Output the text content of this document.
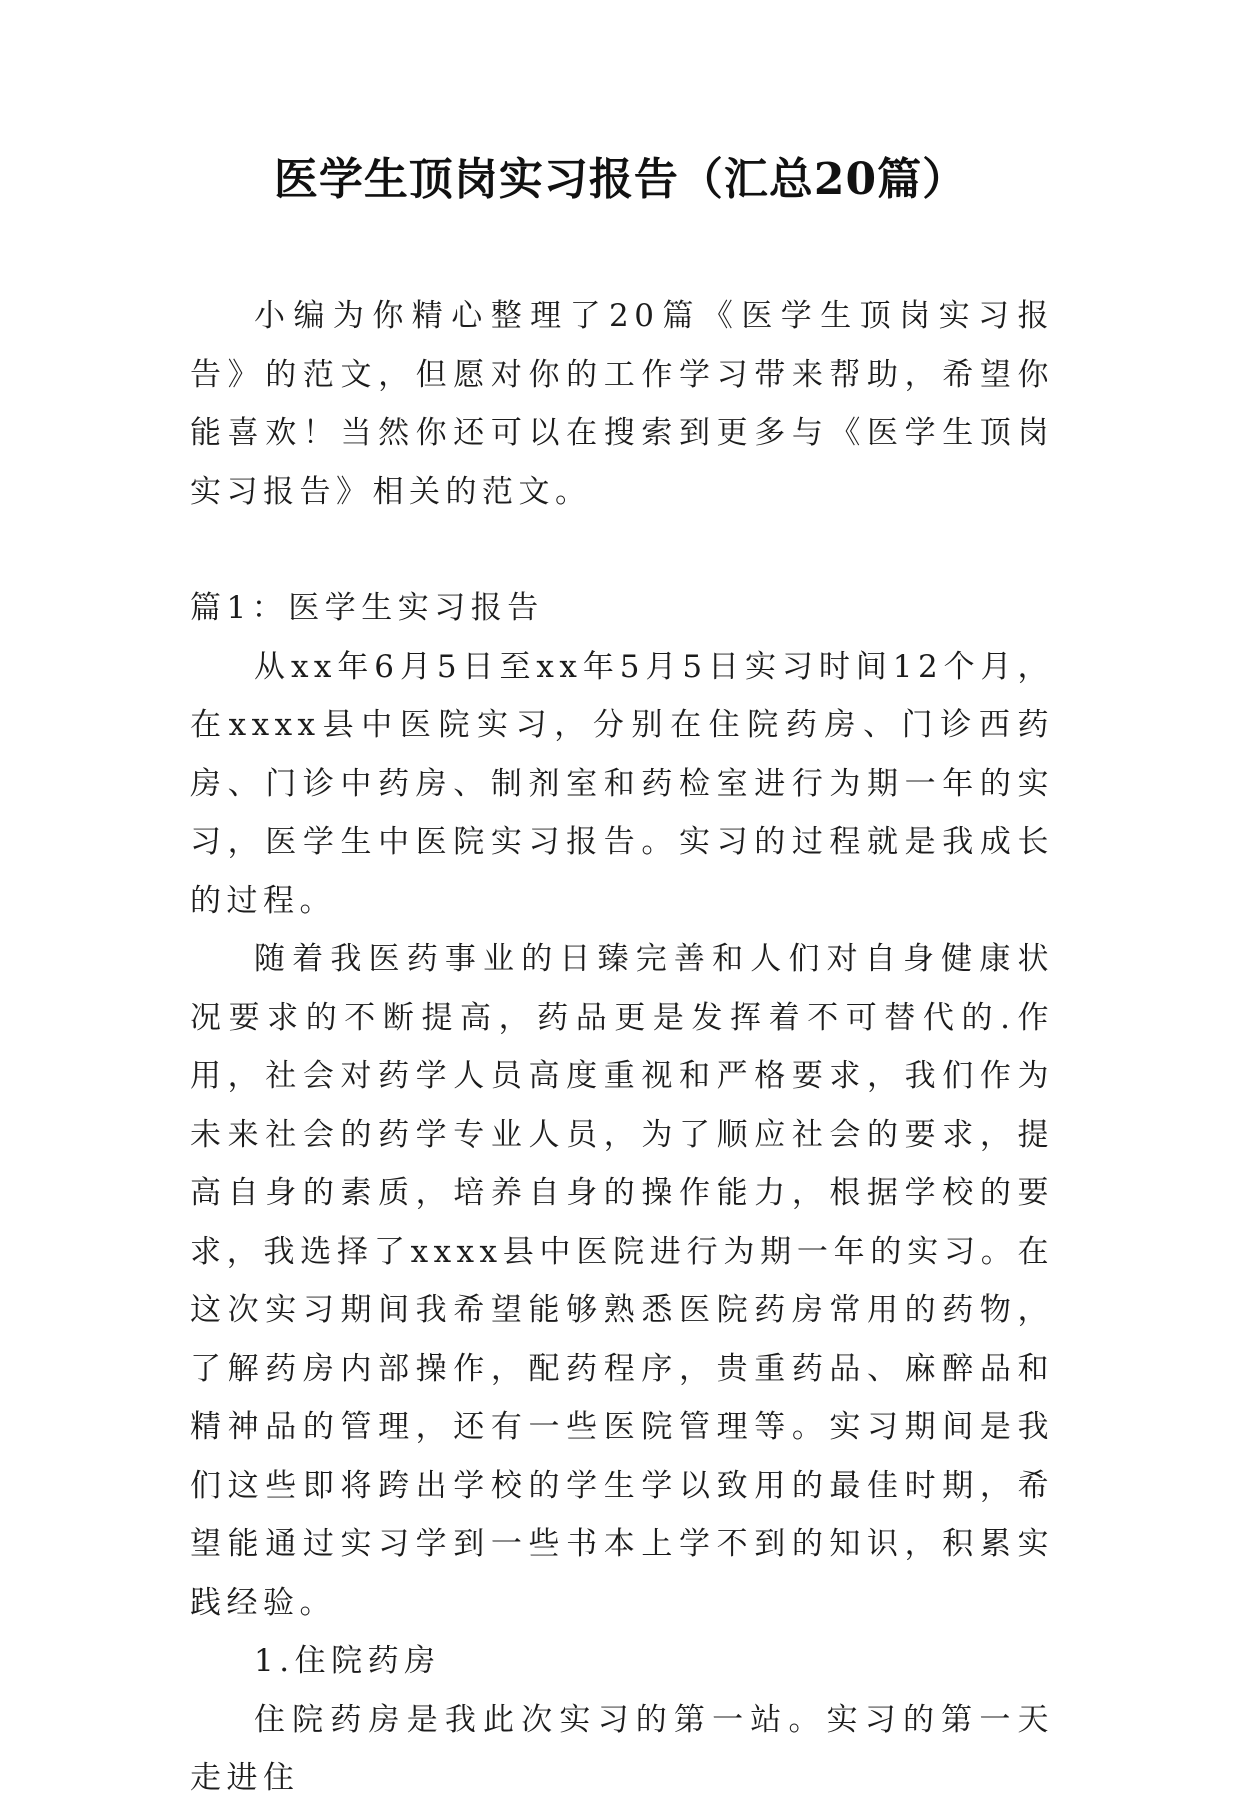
医学生顶岗实习报告（汇总20篇）

小编为你精心整理了20篇《医学生顶岗实习报告》的范文，但愿对你的工作学习带来帮助，希望你能喜欢！当然你还可以在搜索到更多与《医学生顶岗实习报告》相关的范文。

篇1：医学生实习报告

从xx年6月5日至xx年5月5日实习时间12个月，在xxxx县中医院实习，分别在住院药房、门诊西药房、门诊中药房、制剂室和药检室进行为期一年的实习，医学生中医院实习报告。实习的过程就是我成长的过程。

随着我医药事业的日臻完善和人们对自身健康状况要求的不断提高，药品更是发挥着不可替代的.作用，社会对药学人员高度重视和严格要求，我们作为未来社会的药学专业人员，为了顺应社会的要求，提高自身的素质，培养自身的操作能力，根据学校的要求，我选择了xxxx县中医院进行为期一年的实习。在这次实习期间我希望能够熟悉医院药房常用的药物，了解药房内部操作，配药程序，贵重药品、麻醉品和精神品的管理，还有一些医院管理等。实习期间是我们这些即将跨出学校的学生学以致用的最佳时期，希望能通过实习学到一些书本上学不到的知识，积累实践经验。

1.住院药房

住院药房是我此次实习的第一站。实习的第一天走进住
